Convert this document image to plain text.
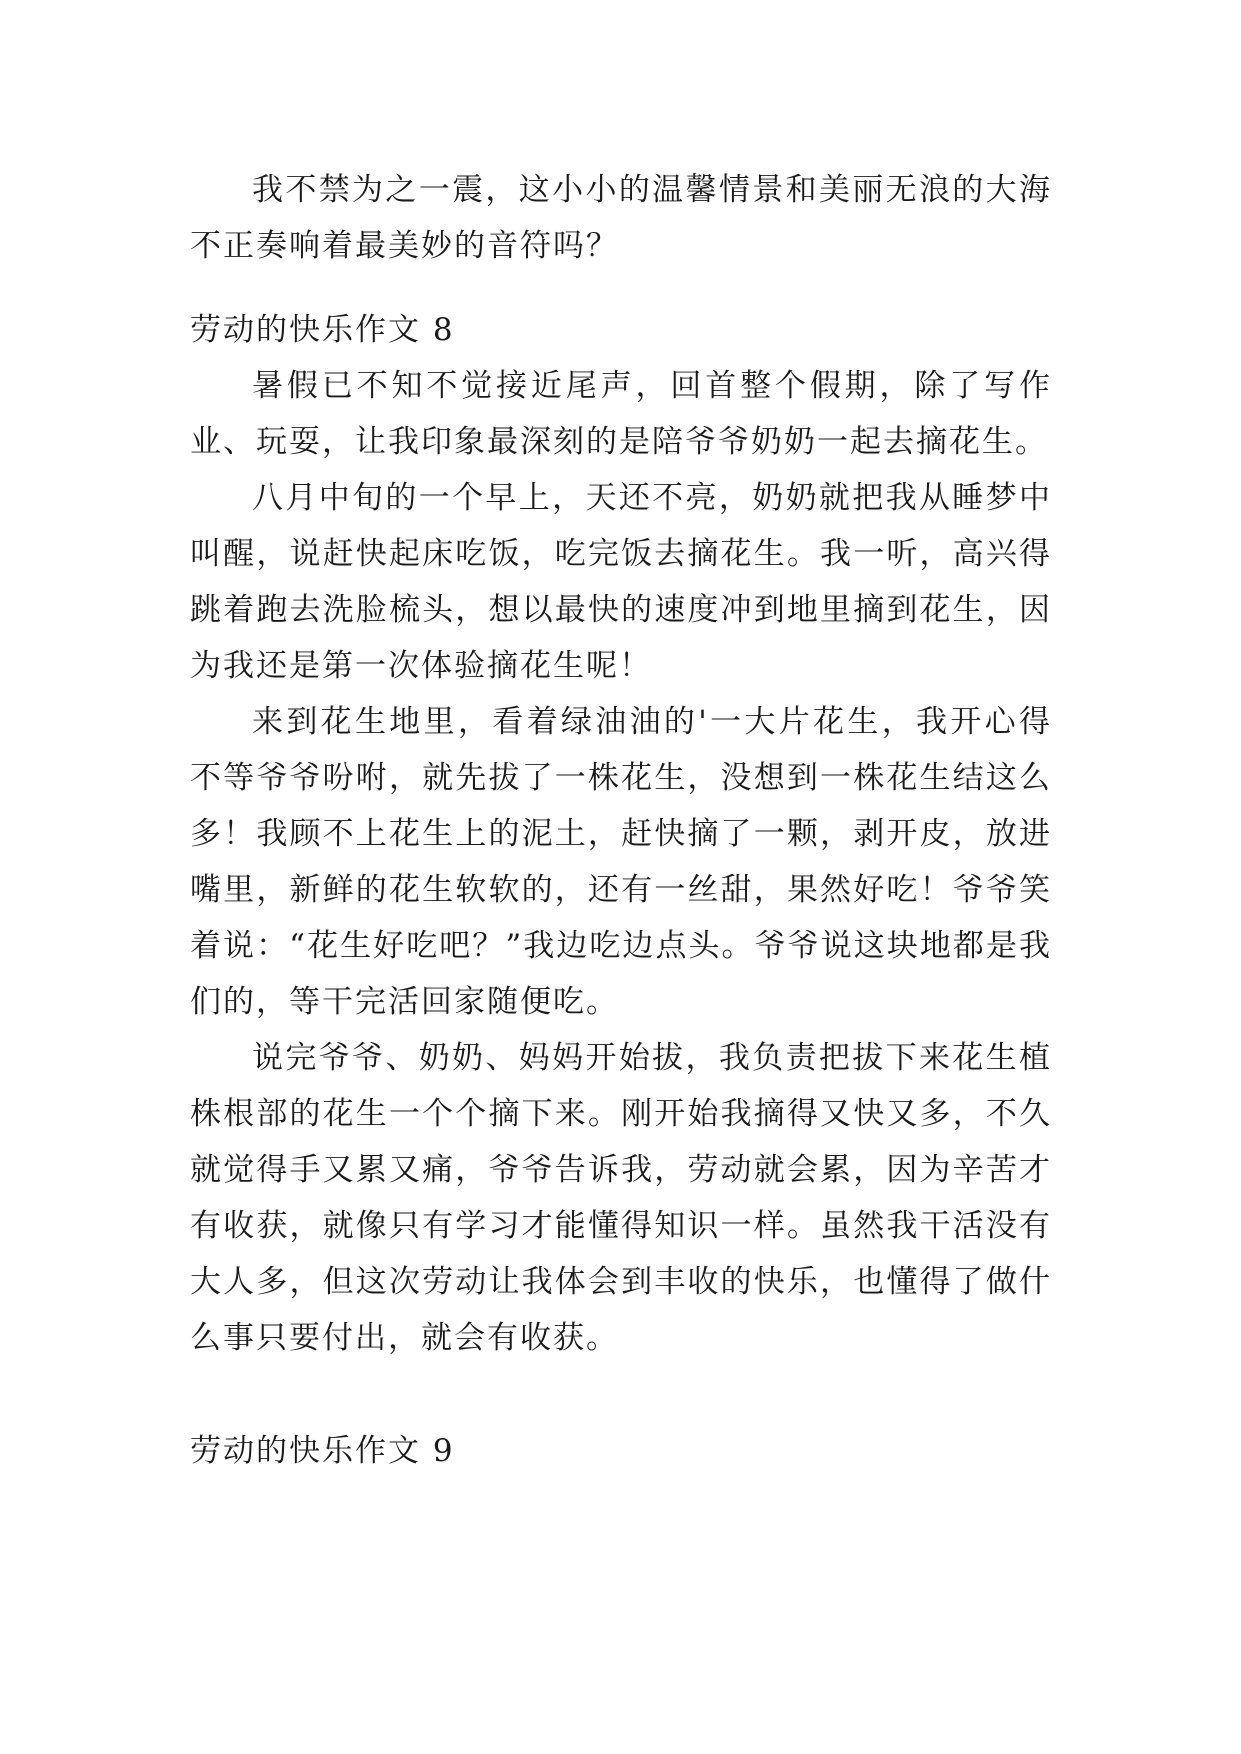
我不禁为之一震，这小小的温馨情景和美丽无浪的大海不正奏响着最美妙的音符吗？

劳动的快乐作文 8

暑假已不知不觉接近尾声，回首整个假期，除了写作业、玩耍，让我印象最深刻的是陪爷爷奶奶一起去摘花生。

八月中旬的一个早上，天还不亮，奶奶就把我从睡梦中叫醒，说赶快起床吃饭，吃完饭去摘花生。我一听，高兴得跳着跑去洗脸梳头，想以最快的速度冲到地里摘到花生，因为我还是第一次体验摘花生呢！

来到花生地里，看着绿油油的'一大片花生，我开心得不等爷爷吩咐，就先拔了一株花生，没想到一株花生结这么多！我顾不上花生上的泥土，赶快摘了一颗，剥开皮，放进嘴里，新鲜的花生软软的，还有一丝甜，果然好吃！爷爷笑着说：“花生好吃吧？”我边吃边点头。爷爷说这块地都是我们的，等干完活回家随便吃。

说完爷爷、奶奶、妈妈开始拔，我负责把拔下来花生植株根部的花生一个个摘下来。刚开始我摘得又快又多，不久就觉得手又累又痛，爷爷告诉我，劳动就会累，因为辛苦才有收获，就像只有学习才能懂得知识一样。虽然我干活没有大人多，但这次劳动让我体会到丰收的快乐，也懂得了做什么事只要付出，就会有收获。

劳动的快乐作文 9
